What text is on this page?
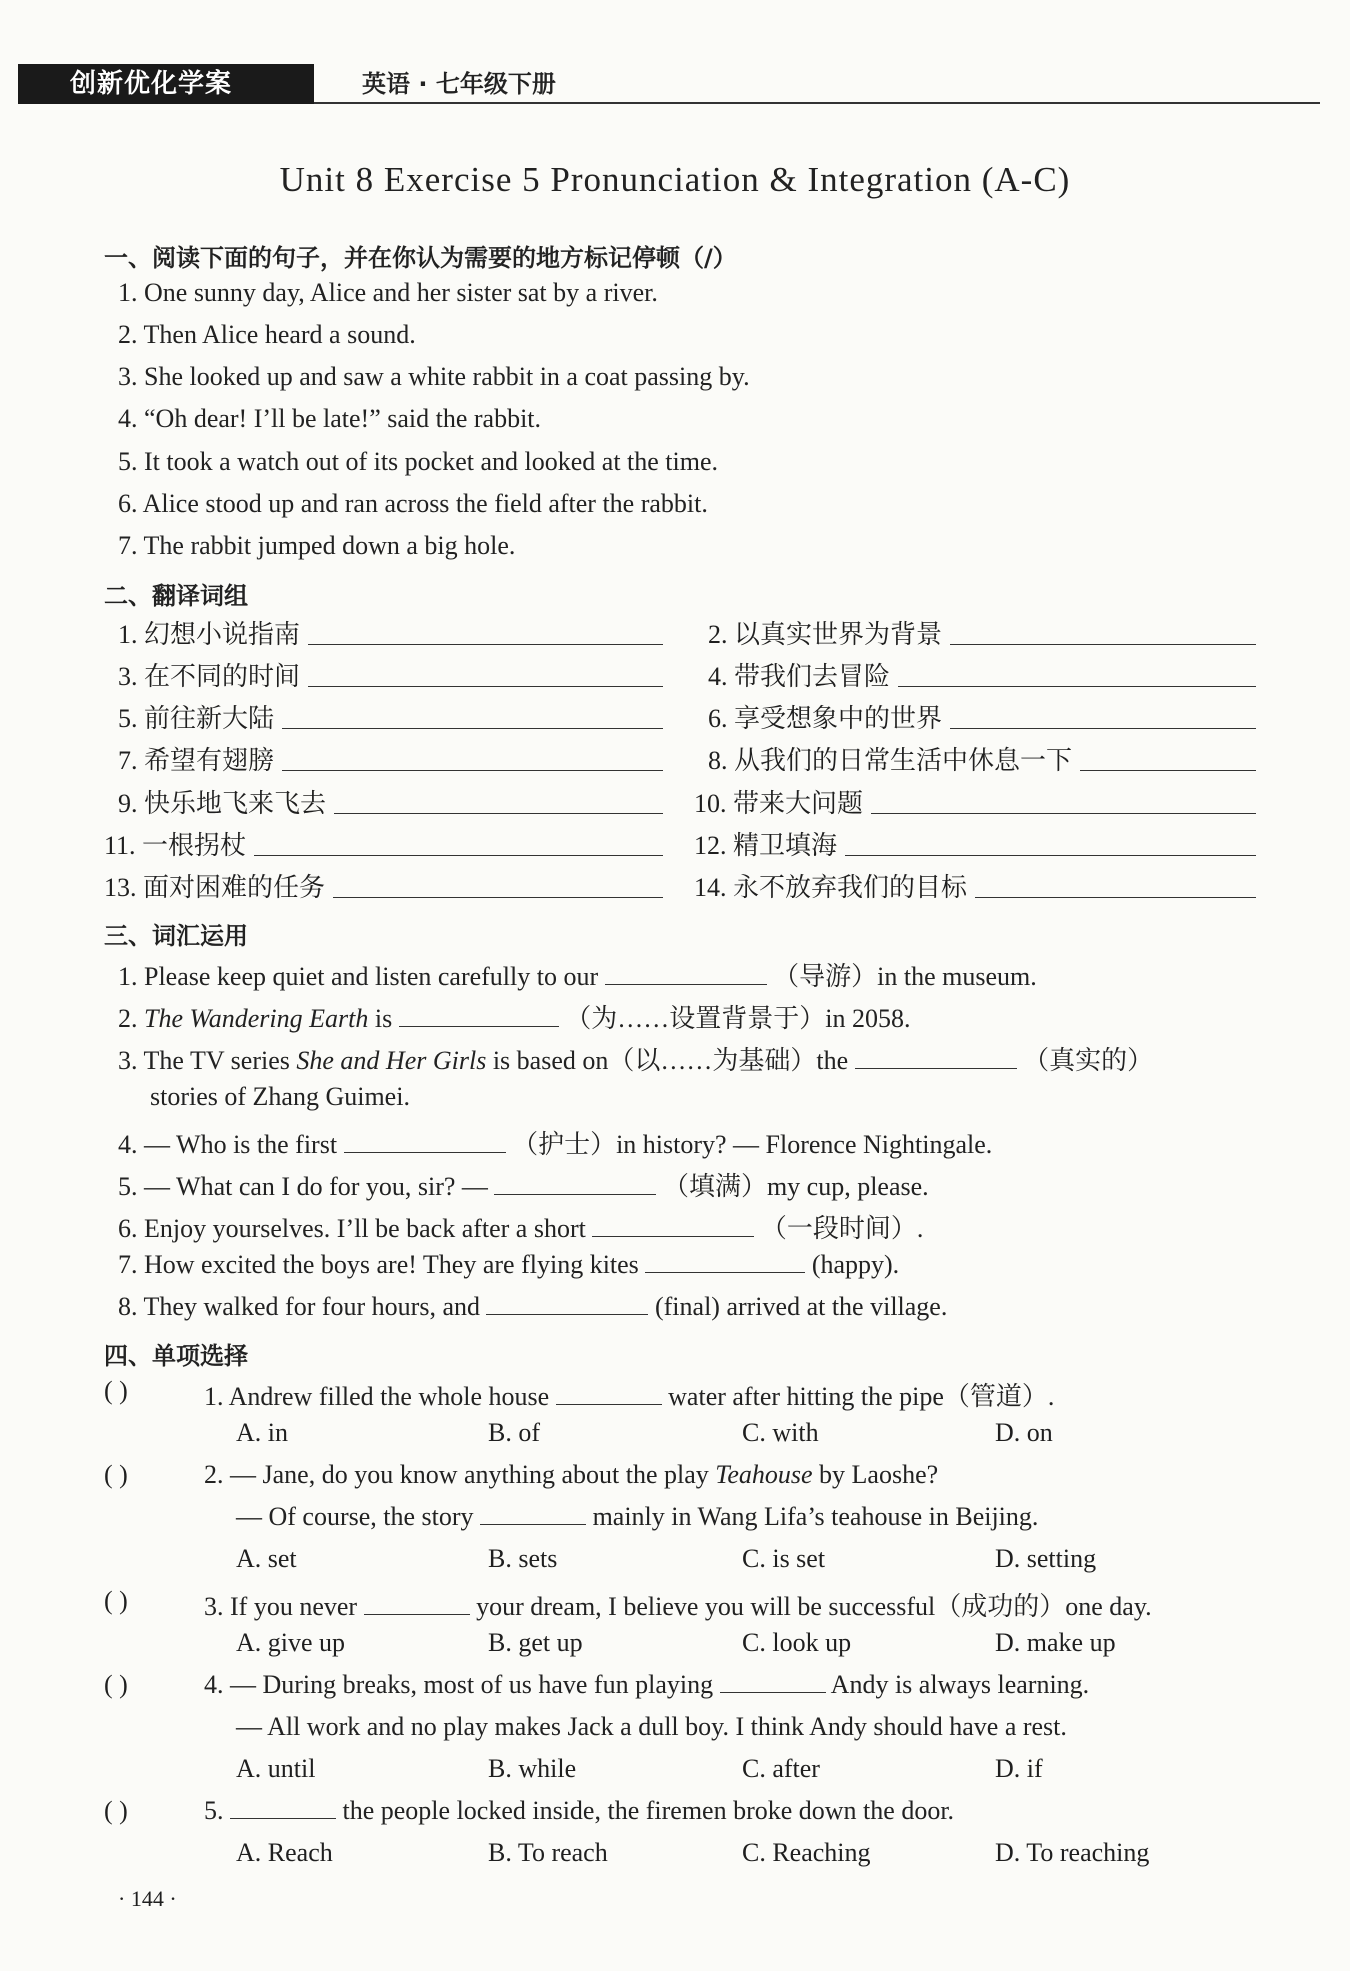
创新优化学案	英语 · 七年级下册
Unit 8 Exercise 5 Pronunciation & Integration (A-C)
一、阅读下面的句子，并在你认为需要的地方标记停顿（/）
1. One sunny day, Alice and her sister sat by a river.
2. Then Alice heard a sound.
3. She looked up and saw a white rabbit in a coat passing by.
4. “Oh dear! I’ll be late!” said the rabbit.
5. It took a watch out of its pocket and looked at the time.
6. Alice stood up and ran across the field after the rabbit.
7. The rabbit jumped down a big hole.
二、翻译词组
1. 幻想小说指南	2. 以真实世界为背景
3. 在不同的时间	4. 带我们去冒险
5. 前往新大陆	6. 享受想象中的世界
7. 希望有翅膀	8. 从我们的日常生活中休息一下
9. 快乐地飞来飞去	10. 带来大问题
11. 一根拐杖	12. 精卫填海
13. 面对困难的任务	14. 永不放弃我们的目标
三、词汇运用
1. Please keep quiet and listen carefully to our	（导游）in the museum.
2. The Wandering Earth is	（为……设置背景于）in 2058.
3. The TV series She and Her Girls is based on（以……为基础）the	（真实的）
stories of Zhang Guimei.
4. — Who is the first	（护士）in history? — Florence Nightingale.
5. — What can I do for you, sir? —	（填满）my cup, please.
6. Enjoy yourselves. I’ll be back after a short	（一段时间）.
7. How excited the boys are! They are flying kites	(happy).
8. They walked for four hours, and	(final) arrived at the village.
四、单项选择
( )	1. Andrew filled the whole house	water after hitting the pipe（管道）.
A. in	B. of	C. with	D. on
( )	2. — Jane, do you know anything about the play Teahouse by Laoshe?
— Of course, the story	mainly in Wang Lifa’s teahouse in Beijing.
A. set	B. sets	C. is set	D. setting
( )	3. If you never	your dream, I believe you will be successful（成功的）one day.
A. give up	B. get up	C. look up	D. make up
( )	4. — During breaks, most of us have fun playing	Andy is always learning.
— All work and no play makes Jack a dull boy. I think Andy should have a rest.
A. until	B. while	C. after	D. if
( )	5.	the people locked inside, the firemen broke down the door.
A. Reach	B. To reach	C. Reaching	D. To reaching
· 144 ·
